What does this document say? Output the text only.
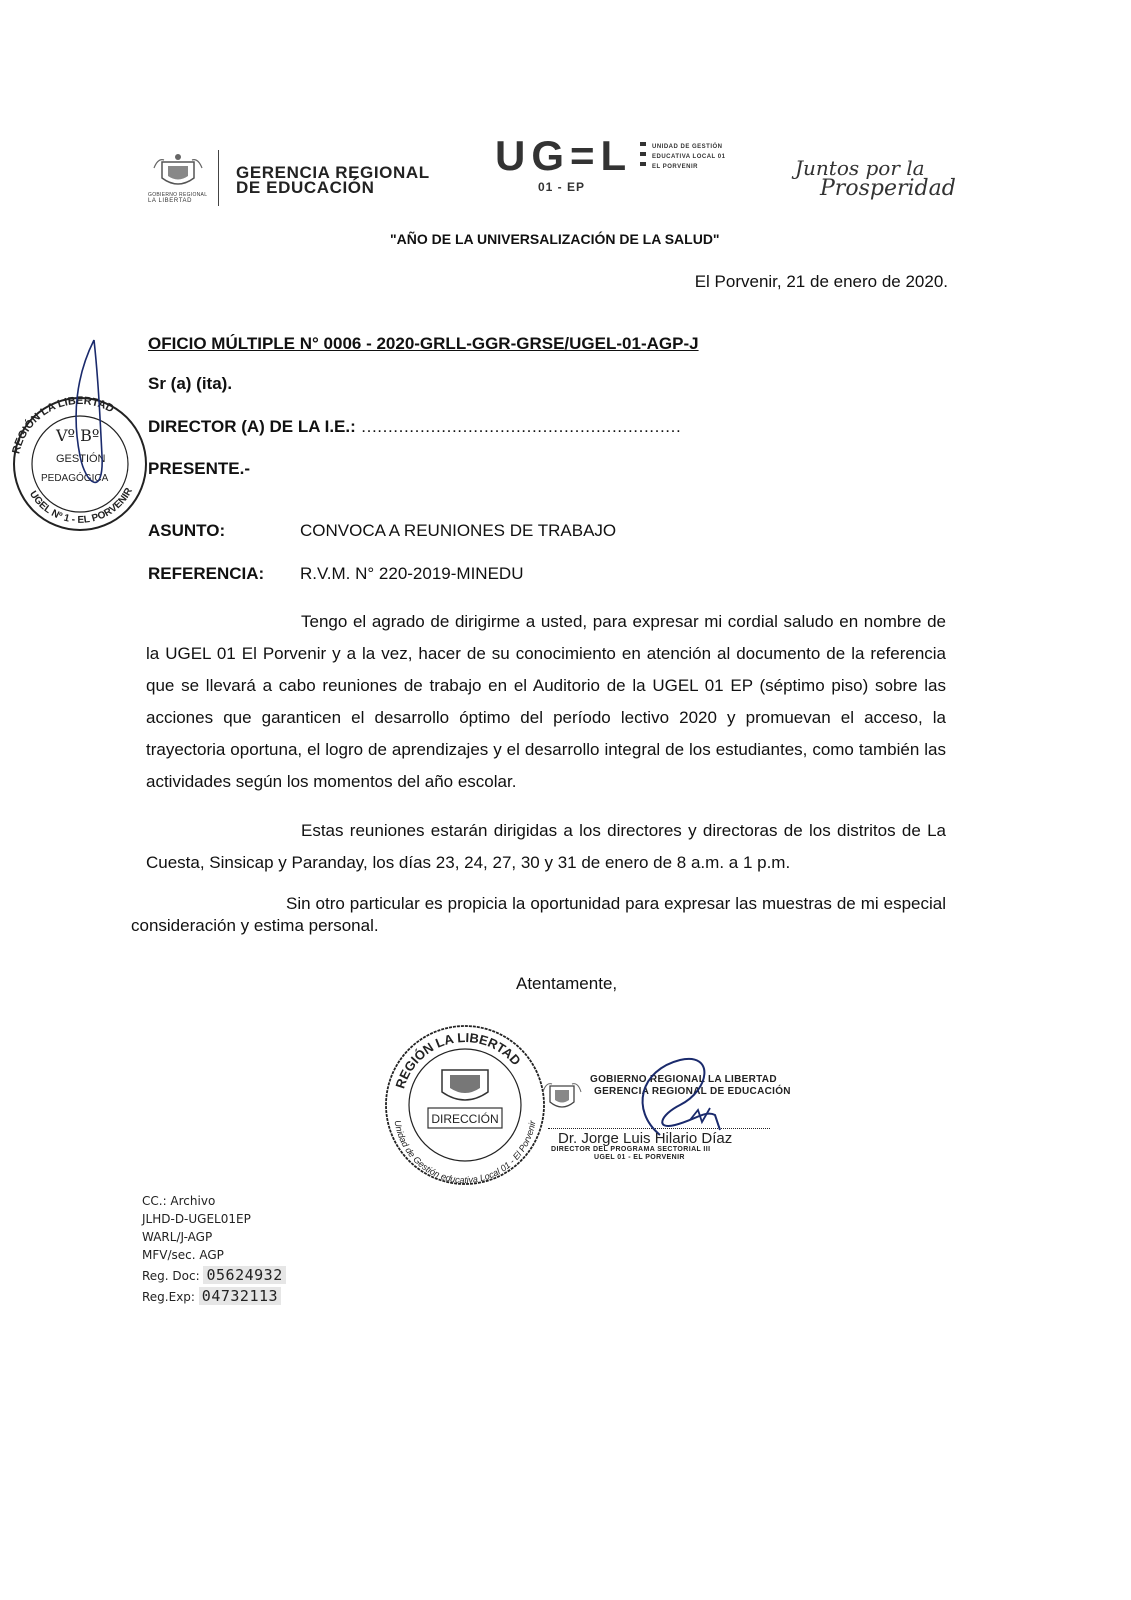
GOBIERNO REGIONAL
LA LIBERTAD
GERENCIA REGIONAL
DE EDUCACIÓN
UG=L	UNIDAD DE GESTIÓN
EDUCATIVA LOCAL 01
EL PORVENIR
01 - EP
Juntos por la
Prosperidad
"AÑO DE LA UNIVERSALIZACIÓN DE LA SALUD"
El Porvenir, 21 de enero de 2020.
OFICIO MÚLTIPLE N° 0006 - 2020-GRLL-GGR-GRSE/UGEL-01-AGP-J
Sr (a) (ita).
DIRECTOR (A) DE LA I.E.: ……………………………………………………
PRESENTE.-
REGIÓN LA LIBERTAD
UGEL Nº 1 - EL PORVENIR
Vº Bº
GESTIÓN
PEDAGÓGICA
ASUNTO:	CONVOCA A REUNIONES DE TRABAJO
REFERENCIA: R.V.M. N° 220-2019-MINEDU
Tengo el agrado de dirigirme a usted, para expresar mi cordial saludo en nombre de la UGEL 01 El Porvenir y a la vez, hacer de su conocimiento en atención al documento de la referencia que se llevará a cabo reuniones de trabajo en el Auditorio de la UGEL 01 EP (séptimo piso) sobre las acciones que garanticen el desarrollo óptimo del período lectivo 2020 y promuevan el acceso, la trayectoria oportuna, el logro de aprendizajes y el desarrollo integral de los estudiantes, como también las actividades según los momentos del año escolar.
Estas reuniones estarán dirigidas a los directores y directoras de los distritos de La Cuesta, Sinsicap y Paranday, los días 23, 24, 27, 30 y 31 de enero de 8 a.m. a 1 p.m.
Sin otro particular es propicia la oportunidad para expresar las muestras de mi especial consideración y estima personal.
Atentamente,
REGIÓN LA LIBERTAD
Unidad de Gestión educativa Local 01 - El Porvenir
DIRECCIÓN
GOBIERNO REGIONAL LA LIBERTAD
GERENCIA REGIONAL DE EDUCACIÓN
Dr. Jorge Luis Hilario Díaz
DIRECTOR DEL PROGRAMA SECTORIAL III
UGEL 01 - EL PORVENIR
CC.: Archivo
JLHD-D-UGEL01EP
WARL/J-AGP
MFV/sec. AGP
Reg. Doc: 05624932
Reg.Exp: 04732113
